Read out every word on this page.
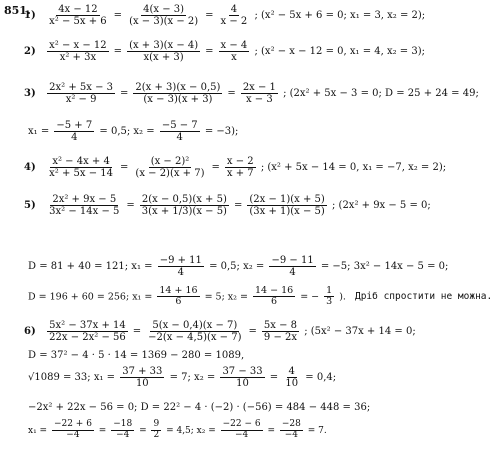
851.
$1) \frac{4x - 12}{\text{x² − 5x + 6}} = \frac{4(x - 3)}{(x - 3)(x - 2)} = \frac{4}{x - 2}$ ; (x² − 5x + 6 = 0; x₁ = 3, x₂ = 2);
$2) \frac{\text{x² − x − 12}}{\text{x² + 3x}} = \frac{(x + 3)(x - 4)}{x(x + 3)} = \frac{x - 4}{x}$ ; (x² − x − 12 = 0, x₁ = 4, x₂ = 3);
$3) \frac{\text{2x² + 5x − 3}}{\text{x² − 9}} = \frac{2(x + 3)(x - 0,5)}{(x - 3)(x + 3)} = \frac{2x - 1}{x - 3}$ ; (2x² + 5x − 3 = 0; D = 25 + 24 = 49;
$x_1 = \frac{-5 + 7}{4} = 0,5$; $x_2 = \frac{-5 - 7}{4} = -3$);
$4) \frac{\text{x² − 4x + 4}}{\text{x² + 5x − 14}} = \frac{\text{(x − 2)²}}{(x - 2)(x + 7)} = \frac{x - 2}{x + 7}$ ; (x² + 5x − 14 = 0, x₁ = −7, x₂ = 2);
$5) \frac{\text{2x² + 9x − 5}}{\text{3x² − 14x − 5}} = \frac{2(x - 0,5)(x + 5)}{3(x + 1/3)(x - 5)} = \frac{(2x - 1)(x + 5)}{(3x + 1)(x - 5)}$ ; (2x² + 9x − 5 = 0;
D = 81 + 40 = 121; $x_1 = \frac{-9 + 11}{4} = 0,5$; $x_2 = \frac{-9 - 11}{4} = -5$; 3x² − 14x − 5 = 0;
D = 196 + 60 = 256; $x_1 = \frac{14 + 16}{6} = 5$; $x_2 = \frac{14 - 16}{6}$ = − $\frac{1}{3}$ ). Дріб спростити не можна.
$6) \frac{\text{5x² − 37x + 14}}{\text{22x − 2x² − 56}} = \frac{5(x - 0,4)(x - 7)}{-2(x - 4,5)(x - 7)} = \frac{5x - 8}{9 - 2x}$ ; (5x² − 37x + 14 = 0;
D = 37² − 4 · 5 · 14 = 1369 − 280 = 1089,
√1089 = 33; $x_1 = \frac{37 + 33}{10} = 7$; $x_2 = \frac{37 - 33}{10} = \frac{4}{10} = 0,4$;
−2x² + 22x − 56 = 0; D = 22² − 4 · (−2) · (−56) = 484 − 448 = 36;
$x_1 = \frac{-22 + 6}{-4} = \frac{-18}{-4} = \frac{9}{2} = 4,5$; $x_2 = \frac{-22 - 6}{-4} = \frac{-28}{-4} = 7$.
